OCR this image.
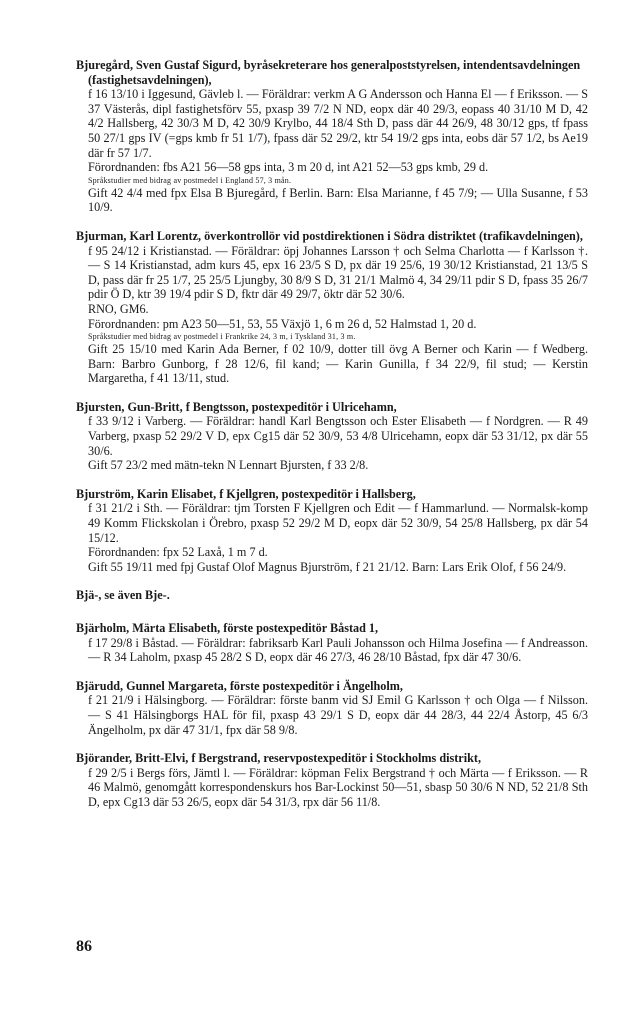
Bjuregård, Sven Gustaf Sigurd, byråsekreterare hos generalpoststyrelsen, intendentsavdelningen (fastighetsavdelningen),

f 16 13/10 i Iggesund, Gävleb l. — Föräldrar: verkm A G Andersson och Hanna El — f Eriksson. — S 37 Västerås, dipl fastighetsförv 55, pxasp 39 7/2 N ND, eopx där 40 29/3, eopass 40 31/10 M D, 42 4/2 Hallsberg, 42 30/3 M D, 42 30/9 Krylbo, 44 18/4 Sth D, pass där 44 26/9, 48 30/12 gps, tf fpass 50 27/1 gps IV (=gps kmb fr 51 1/7), fpass där 52 29/2, ktr 54 19/2 gps inta, eobs där 57 1/2, bs Ae19 där fr 57 1/7.

Förordnanden: fbs A21 56—58 gps inta, 3 m 20 d, int A21 52—53 gps kmb, 29 d.

Språkstudier med bidrag av postmedel i England 57, 3 mån.

Gift 42 4/4 med fpx Elsa B Bjuregård, f Berlin. Barn: Elsa Marianne, f 45 7/9; — Ulla Susanne, f 53 10/9.

Bjurman, Karl Lorentz, överkontrollör vid postdirektionen i Södra distriktet (trafikavdelningen),

f 95 24/12 i Kristianstad. — Föräldrar: öpj Johannes Larsson † och Selma Charlotta — f Karlsson †. — S 14 Kristianstad, adm kurs 45, epx 16 23/5 S D, px där 19 25/6, 19 30/12 Kristianstad, 21 13/5 S D, pass där fr 25 1/7, 25 25/5 Ljungby, 30 8/9 S D, 31 21/1 Malmö 4, 34 29/11 pdir S D, fpass 35 26/7 pdir Ö D, ktr 39 19/4 pdir S D, fktr där 49 29/7, öktr där 52 30/6.

RNO, GM6.

Förordnanden: pm A23 50—51, 53, 55 Växjö 1, 6 m 26 d, 52 Halmstad 1, 20 d.

Språkstudier med bidrag av postmedel i Frankrike 24, 3 m, i Tyskland 31, 3 m.

Gift 25 15/10 med Karin Ada Berner, f 02 10/9, dotter till övg A Berner och Karin — f Wedberg. Barn: Barbro Gunborg, f 28 12/6, fil kand; — Karin Gunilla, f 34 22/9, fil stud; — Kerstin Margaretha, f 41 13/11, stud.

Bjursten, Gun-Britt, f Bengtsson, postexpeditör i Ulricehamn,

f 33 9/12 i Varberg. — Föräldrar: handl Karl Bengtsson och Ester Elisabeth — f Nordgren. — R 49 Varberg, pxasp 52 29/2 V D, epx Cg15 där 52 30/9, 53 4/8 Ulricehamn, eopx där 53 31/12, px där 55 30/6.

Gift 57 23/2 med mätn-tekn N Lennart Bjursten, f 33 2/8.

Bjurström, Karin Elisabet, f Kjellgren, postexpeditör i Hallsberg,

f 31 21/2 i Sth. — Föräldrar: tjm Torsten F Kjellgren och Edit — f Hammarlund. — Normalsk-komp 49 Komm Flickskolan i Örebro, pxasp 52 29/2 M D, eopx där 52 30/9, 54 25/8 Hallsberg, px där 54 15/12.

Förordnanden: fpx 52 Laxå, 1 m 7 d.

Gift 55 19/11 med fpj Gustaf Olof Magnus Bjurström, f 21 21/12. Barn: Lars Erik Olof, f 56 24/9.

Bjä-, se även Bje-.
Bjärholm, Märta Elisabeth, förste postexpeditör Båstad 1,

f 17 29/8 i Båstad. — Föräldrar: fabriksarb Karl Pauli Johansson och Hilma Josefina — f Andreasson. — R 34 Laholm, pxasp 45 28/2 S D, eopx där 46 27/3, 46 28/10 Båstad, fpx där 47 30/6.

Bjärudd, Gunnel Margareta, förste postexpeditör i Ängelholm,

f 21 21/9 i Hälsingborg. — Föräldrar: förste banm vid SJ Emil G Karlsson † och Olga — f Nilsson. — S 41 Hälsingborgs HAL för fil, pxasp 43 29/1 S D, eopx där 44 28/3, 44 22/4 Åstorp, 45 6/3 Ängelholm, px där 47 31/1, fpx där 58 9/8.

Björander, Britt-Elvi, f Bergstrand, reservpostexpeditör i Stockholms distrikt,

f 29 2/5 i Bergs förs, Jämtl l. — Föräldrar: köpman Felix Bergstrand † och Märta — f Eriksson. — R 46 Malmö, genomgått korrespondenskurs hos Bar-Lockinst 50—51, sbasp 50 30/6 N ND, 52 21/8 Sth D, epx Cg13 där 53 26/5, eopx där 54 31/3, rpx där 56 11/8.

86
